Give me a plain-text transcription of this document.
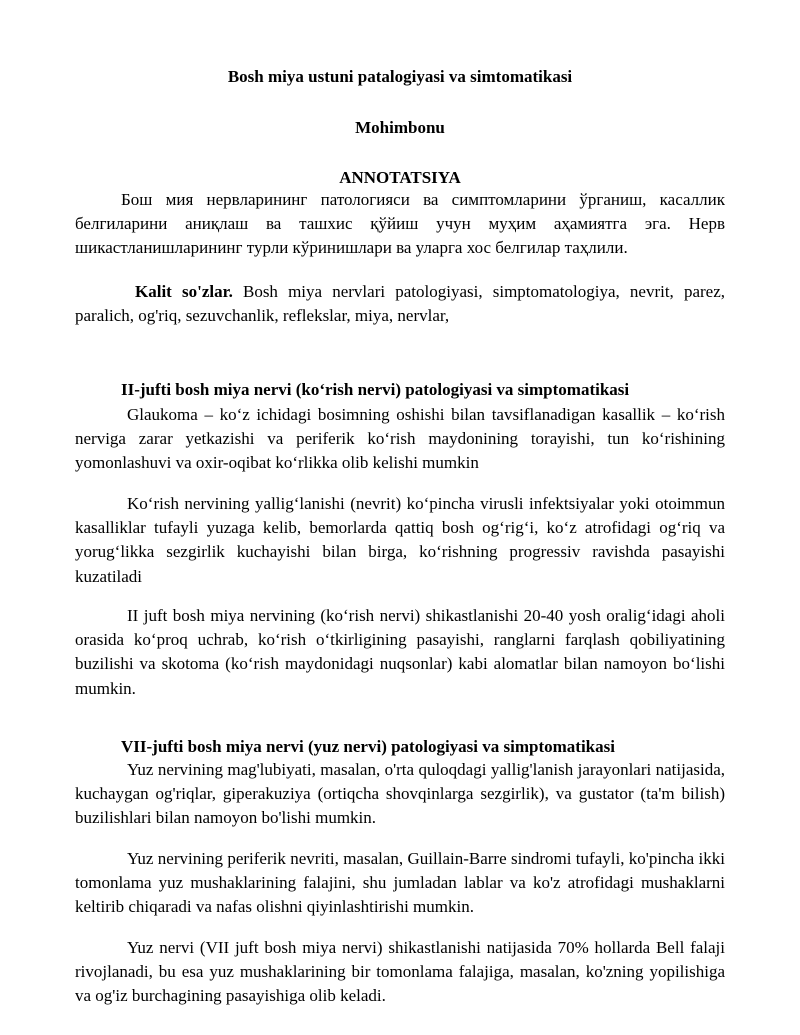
Bosh miya ustuni patalogiyasi va simtomatikasi

Mohimbonu

ANNOTATSIYA

Бош мия нервларининг патологияси ва симптомларини ўрганиш, касаллик белгиларини аниқлаш ва ташхис қўйиш учун муҳим аҳамиятга эга. Нерв шикастланишларининг турли кўринишлари ва уларга хос белгилар таҳлили.

Kalit so'zlar. Bosh miya nervlari patologiyasi, simptomatologiya, nevrit, parez, paralich, og'riq, sezuvchanlik, reflekslar, miya, nervlar,

II-jufti bosh miya nervi (ko‘rish nervi) patologiyasi va simptomatikasi

Glaukoma – ko‘z ichidagi bosimning oshishi bilan tavsiflanadigan kasallik – ko‘rish nerviga zarar yetkazishi va periferik ko‘rish maydonining torayishi, tun ko‘rishining yomonlashuvi va oxir-oqibat ko‘rlikka olib kelishi mumkin

Ko‘rish nervining yallig‘lanishi (nevrit) ko‘pincha virusli infektsiyalar yoki otoimmun kasalliklar tufayli yuzaga kelib, bemorlarda qattiq bosh og‘rig‘i, ko‘z atrofidagi og‘riq va yorug‘likka sezgirlik kuchayishi bilan birga, ko‘rishning progressiv ravishda pasayishi kuzatiladi

II juft bosh miya nervining (ko‘rish nervi) shikastlanishi 20-40 yosh oralig‘idagi aholi orasida ko‘proq uchrab, ko‘rish o‘tkirligining pasayishi, ranglarni farqlash qobiliyatining buzilishi va skotoma (ko‘rish maydonidagi nuqsonlar) kabi alomatlar bilan namoyon bo‘lishi mumkin.

VII-jufti bosh miya nervi (yuz nervi) patologiyasi va simptomatikasi

Yuz nervining mag'lubiyati, masalan, o'rta quloqdagi yallig'lanish jarayonlari natijasida, kuchaygan og'riqlar, giperakuziya (ortiqcha shovqinlarga sezgirlik), va gustator (ta'm bilish) buzilishlari bilan namoyon bo'lishi mumkin.

Yuz nervining periferik nevriti, masalan, Guillain-Barre sindromi tufayli, ko'pincha ikki tomonlama yuz mushaklarining falajini, shu jumladan lablar va ko'z atrofidagi mushaklarni keltirib chiqaradi va nafas olishni qiyinlashtirishi mumkin.

Yuz nervi (VII juft bosh miya nervi) shikastlanishi natijasida 70% hollarda Bell falaji rivojlanadi, bu esa yuz mushaklarining bir tomonlama falajiga, masalan, ko'zning yopilishiga va og'iz burchagining pasayishiga olib keladi.
